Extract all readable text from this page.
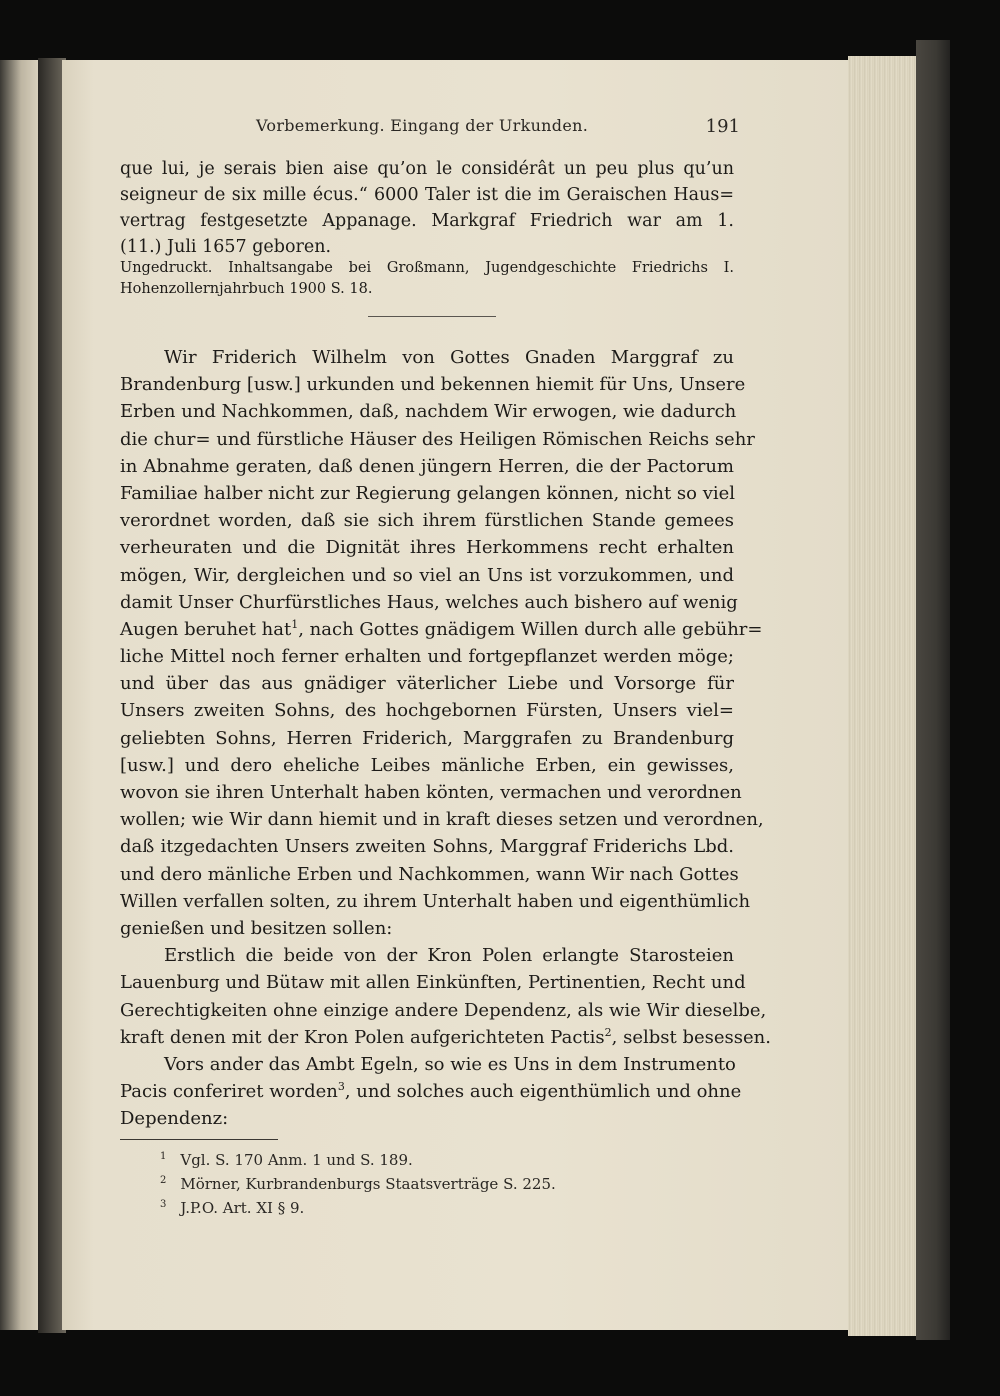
Vorbemerkung. Eingang der Urkunden.	191
que lui, je serais bien aise qu’on le considérât un peu plus qu’un
seigneur de six mille écus.“ 6000 Taler ist die im Geraischen Haus=
vertrag festgesetzte Appanage. Markgraf Friedrich war am 1.
(11.) Juli 1657 geboren.
Ungedruckt. Inhaltsangabe bei Großmann, Jugendgeschichte Friedrichs I.
Hohenzollernjahrbuch 1900 S. 18.
Wir Friderich Wilhelm von Gottes Gnaden Marggraf zu
Brandenburg [usw.] urkunden und bekennen hiemit für Uns, Unsere
Erben und Nachkommen, daß, nachdem Wir erwogen, wie dadurch
die chur= und fürstliche Häuser des Heiligen Römischen Reichs sehr
in Abnahme geraten, daß denen jüngern Herren, die der Pactorum
Familiae halber nicht zur Regierung gelangen können, nicht so viel
verordnet worden, daß sie sich ihrem fürstlichen Stande gemees
verheuraten und die Dignität ihres Herkommens recht erhalten
mögen, Wir, dergleichen und so viel an Uns ist vorzukommen, und
damit Unser Churfürstliches Haus, welches auch bishero auf wenig
Augen beruhet hat$^1$, nach Gottes gnädigem Willen durch alle gebühr=
liche Mittel noch ferner erhalten und fortgepflanzet werden möge;
und über das aus gnädiger väterlicher Liebe und Vorsorge für
Unsers zweiten Sohns, des hochgebornen Fürsten, Unsers viel=
geliebten Sohns, Herren Friderich, Marggrafen zu Brandenburg
[usw.] und dero eheliche Leibes mänliche Erben, ein gewisses,
wovon sie ihren Unterhalt haben könten, vermachen und verordnen
wollen; wie Wir dann hiemit und in kraft dieses setzen und verordnen,
daß itzgedachten Unsers zweiten Sohns, Marggraf Friderichs Lbd.
und dero mänliche Erben und Nachkommen, wann Wir nach Gottes
Willen verfallen solten, zu ihrem Unterhalt haben und eigenthümlich
genießen und besitzen sollen:
Erstlich die beide von der Kron Polen erlangte Starosteien
Lauenburg und Bütaw mit allen Einkünften, Pertinentien, Recht und
Gerechtigkeiten ohne einzige andere Dependenz, als wie Wir dieselbe,
kraft denen mit der Kron Polen aufgerichteten Pactis$^2$, selbst besessen.
Vors ander das Ambt Egeln, so wie es Uns in dem Instrumento
Pacis conferiret worden$^3$, und solches auch eigenthümlich und ohne
Dependenz:
$^1$ Vgl. S. 170 Anm. 1 und S. 189.
$^2$ Mörner, Kurbrandenburgs Staatsverträge S. 225.
$^3$ J.P.O. Art. XI § 9.
